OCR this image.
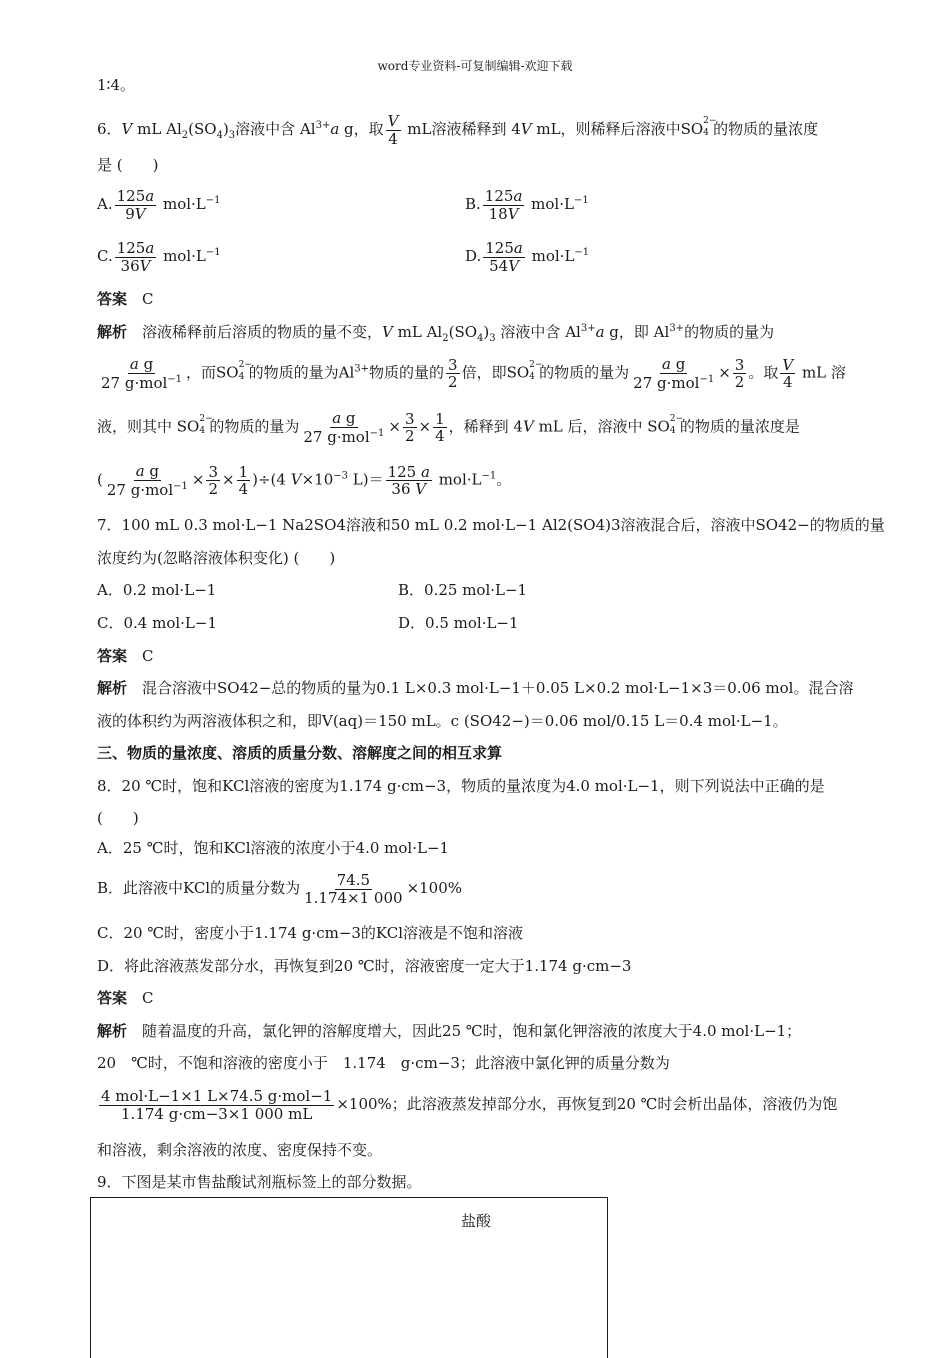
word专业资料-可复制编辑-欢迎下载
1∶4。
6．V mL $Al_2(SO_4)_3$溶液中含 $Al^{3+}a$ g，取 $\frac{V}{4}$ mL溶液稀释到 4V mL，则稀释后溶液中SO 2−
4 的物质的量浓度
是 (　　)
A. $\frac{125a}{9V} mol\cdot L^{-1}$	B. $\frac{125a}{18V} mol\cdot L^{-1}$
C. $\frac{125a}{36V} mol\cdot L^{-1}$	D. $\frac{125a}{54V} mol\cdot L^{-1}$
答案　 C
解析　溶液稀释前后溶质的物质的量不变，V mL $Al_2(SO_4)_3$ 溶液中含 $Al^{3+}a$ g，即 $Al^{3+}$的物质的量为
$\frac{\text{a g}}{27 g\cdot mol^{-1}}$ ，而SO 2−
4 的物质的量为$Al^{3+}$物质的量的 $\frac{3}{2}$ 倍，即SO 2−
4 的物质的量为 $\frac{\text{a g}}{27 g\cdot mol^{-1}} \times \frac{3}{2}$ 。取 $\frac{V}{4}$ mL 溶
液，则其中 SO 2−
4 的物质的量为 $\frac{\text{a g}}{27 g\cdot mol^{-1}} \times \frac{3}{2} \times \frac{1}{4}$ ，稀释到 4V mL 后，溶液中 SO 2−
4 的物质的量浓度是
( $\frac{\text{a g}}{27 g\cdot mol^{-1}} \times \frac{3}{2} \times \frac{1}{4} )\div(4$ $V\times 10^{-3}$ $L)= \frac{125 a}{36 V} mol\cdot L^{-1}$。
7．100 mL 0.3 mol·L−1 Na2SO4溶液和50 mL 0.2 mol·L−1 Al2(SO4)3溶液混合后，溶液中SO42−的物质的量
浓度约为(忽略溶液体积变化) (　　)
A．0.2 mol·L−1	B．0.25 mol·L−1
C．0.4 mol·L−1	D．0.5 mol·L−1
答案　 C
解析　 混合溶液中SO42−总的物质的量为0.1 L×0.3 mol·L−1＋0.05 L×0.2 mol·L−1×3＝0.06 mol。混合溶
液的体积约为两溶液体积之和，即V(aq)＝150 mL。c (SO42−)＝0.06 mol/0.15 L＝0.4 mol·L−1。
三、物质的量浓度、溶质的质量分数、溶解度之间的相互求算
8．20 ℃时，饱和KCl溶液的密度为1.174 g·cm−3，物质的量浓度为4.0 mol·L−1，则下列说法中正确的是
(　　)
A．25 ℃时，饱和KCl溶液的浓度小于4.0 mol·L−1
B．此溶液中KCl的质量分数为 $\frac{74.5}{1.174\times 1 000} \times 100\%$
C．20 ℃时，密度小于1.174 g·cm−3的KCl溶液是不饱和溶液
D．将此溶液蒸发部分水，再恢复到20 ℃时，溶液密度一定大于1.174 g·cm−3
答案　 C
解析　 随着温度的升高，氯化钾的溶解度增大，因此25 ℃时，饱和氯化钾溶液的浓度大于4.0 mol·L−1；
20　℃时，不饱和溶液的密度小于　1.174　g·cm−3；此溶液中氯化钾的质量分数为
$\frac{\text{4 mol·L−1×1 L×74.5 g·mol−1}}{1.174 g\cdot cm-3\times 1 000 mL} \times 100\%$；此溶液蒸发掉部分水，再恢复到20 ℃时会析出晶体，溶液仍为饱
和溶液，剩余溶液的浓度、密度保持不变。
9．下图是某市售盐酸试剂瓶标签上的部分数据。
盐酸
